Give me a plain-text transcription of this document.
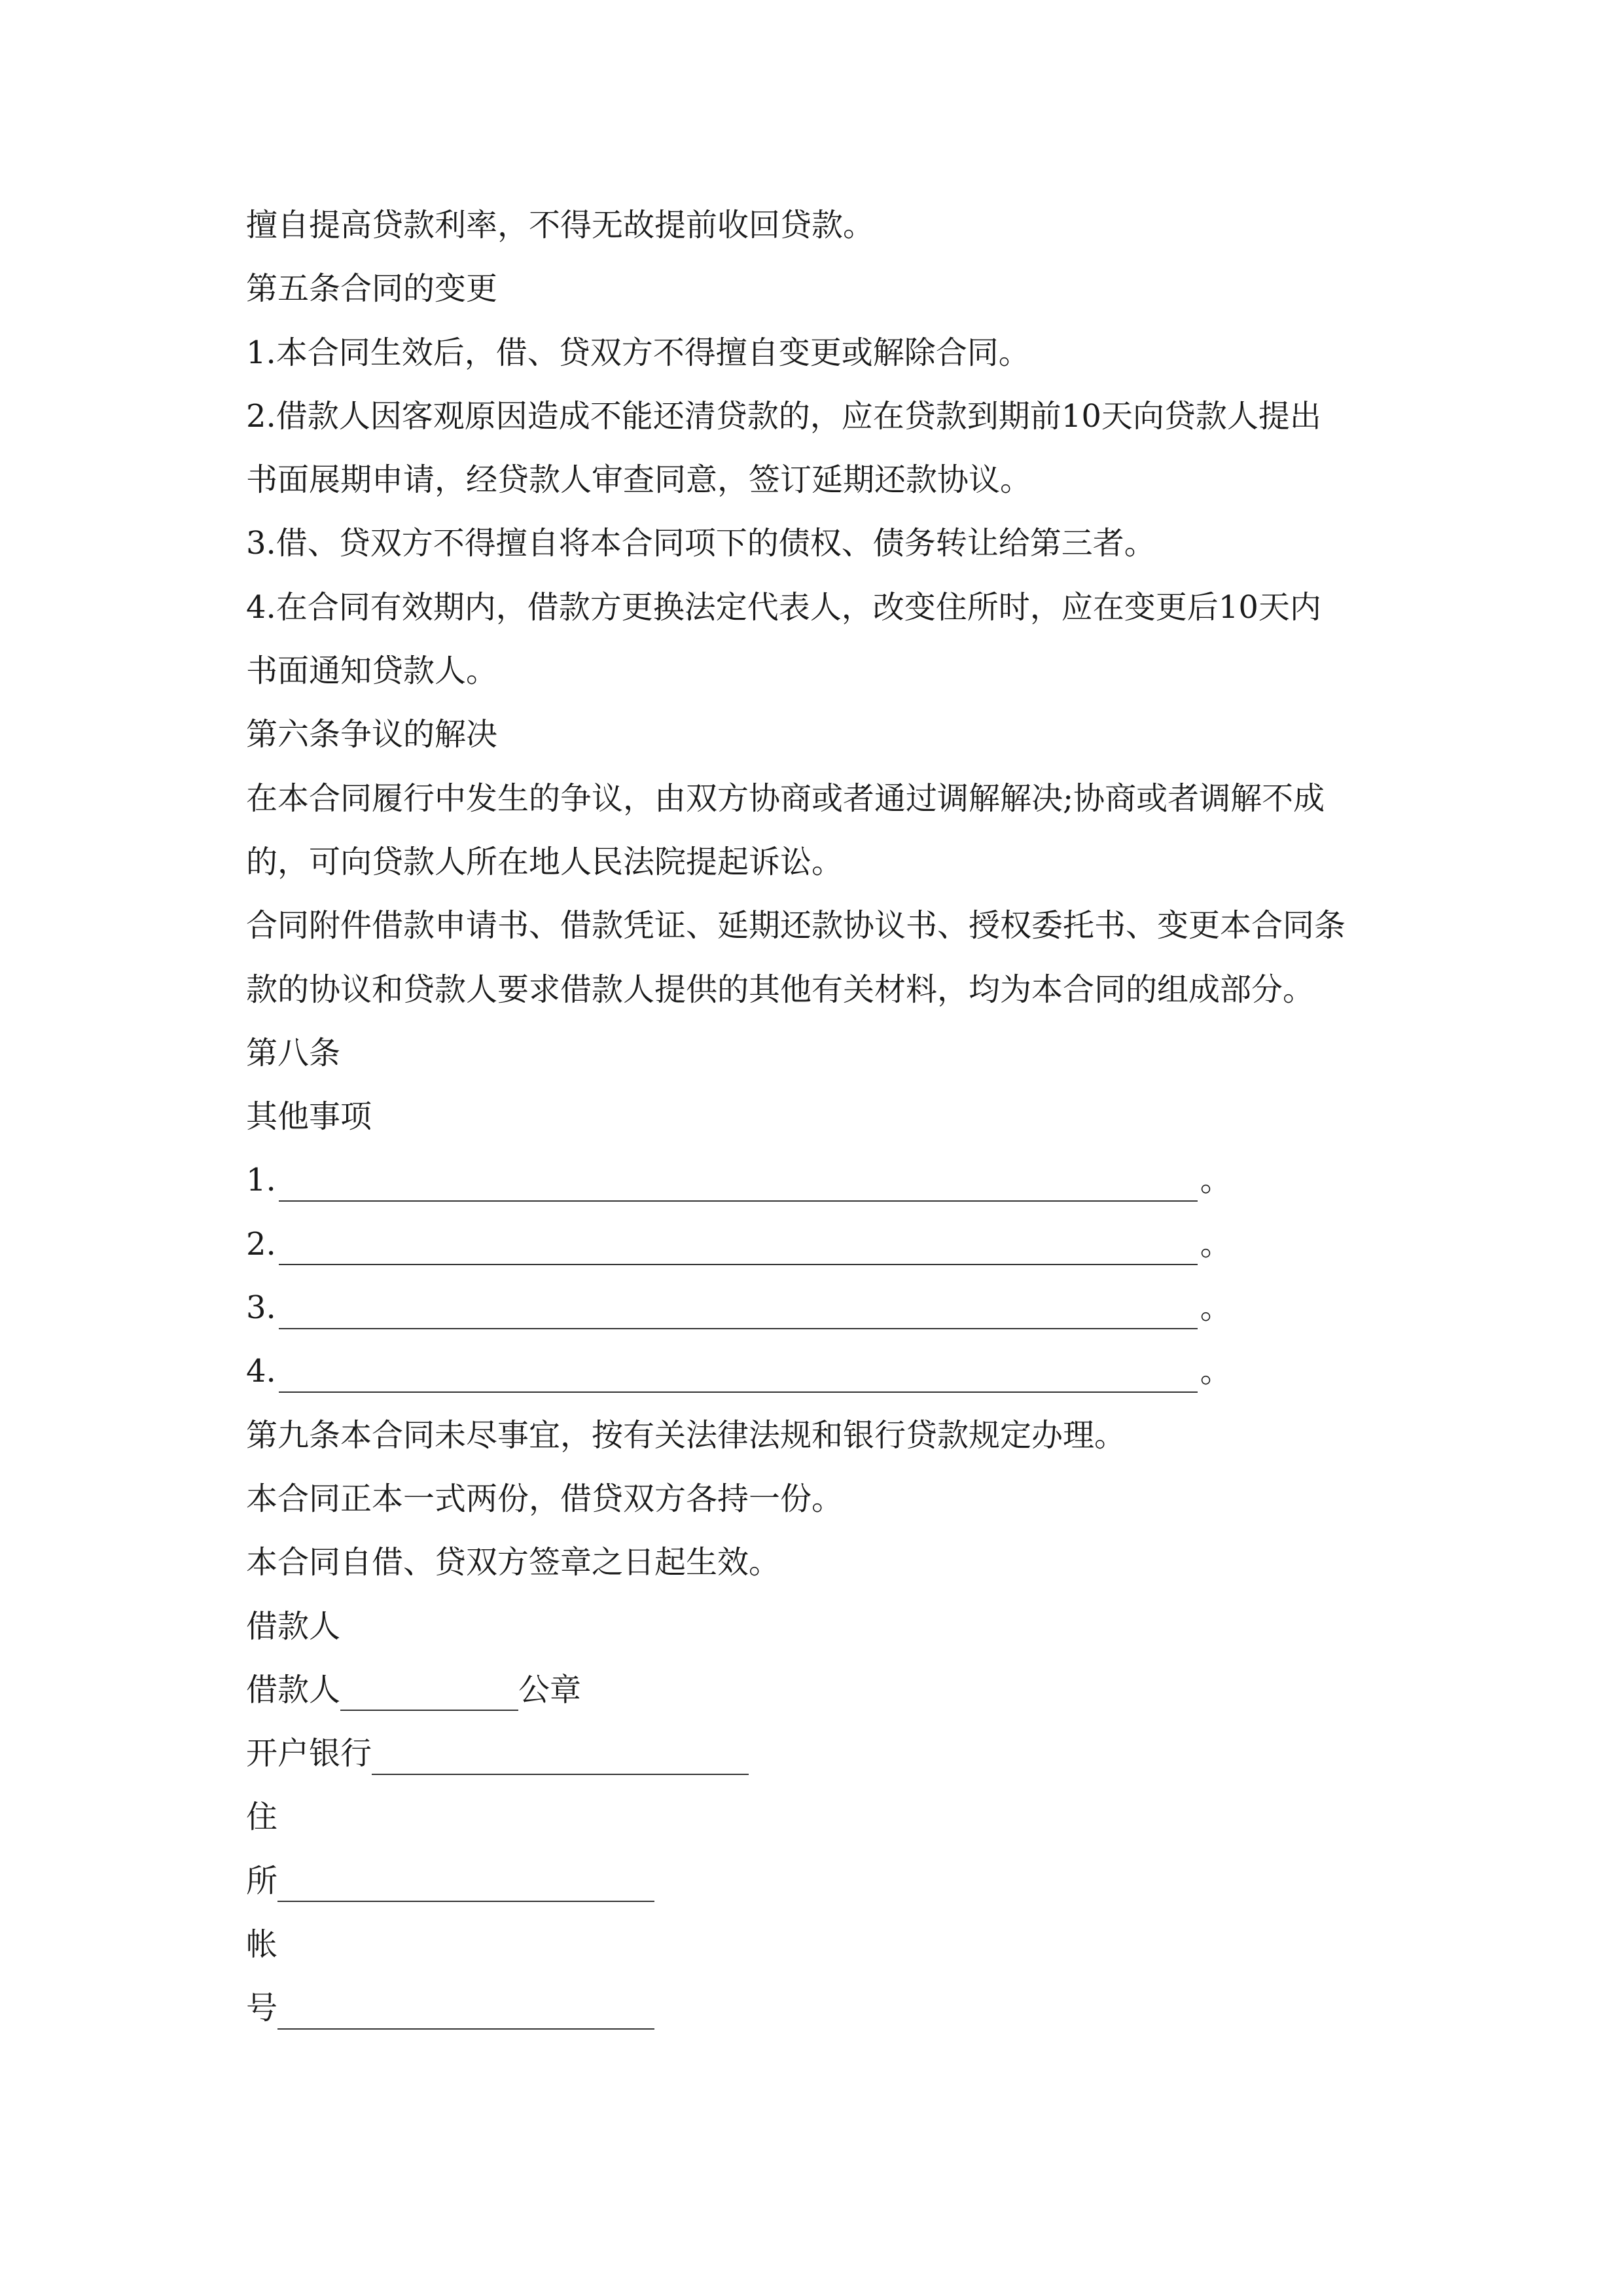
擅自提高贷款利率，不得无故提前收回贷款。
第五条合同的变更
1.本合同生效后，借、贷双方不得擅自变更或解除合同。
2.借款人因客观原因造成不能还清贷款的，应在贷款到期前10天向贷款人提出
书面展期申请，经贷款人审查同意，签订延期还款协议。
3.借、贷双方不得擅自将本合同项下的债权、债务转让给第三者。
4.在合同有效期内，借款方更换法定代表人，改变住所时，应在变更后10天内
书面通知贷款人。
第六条争议的解决
在本合同履行中发生的争议，由双方协商或者通过调解解决;协商或者调解不成
的，可向贷款人所在地人民法院提起诉讼。
合同附件借款申请书、借款凭证、延期还款协议书、授权委托书、变更本合同条
款的协议和贷款人要求借款人提供的其他有关材料，均为本合同的组成部分。
第八条
其他事项
1.	。
2.	。
3.	。
4.	。
第九条本合同未尽事宜，按有关法律法规和银行贷款规定办理。
本合同正本一式两份，借贷双方各持一份。
本合同自借、贷双方签章之日起生效。
借款人
借款人	公章
开户银行
住
所
帐
号
